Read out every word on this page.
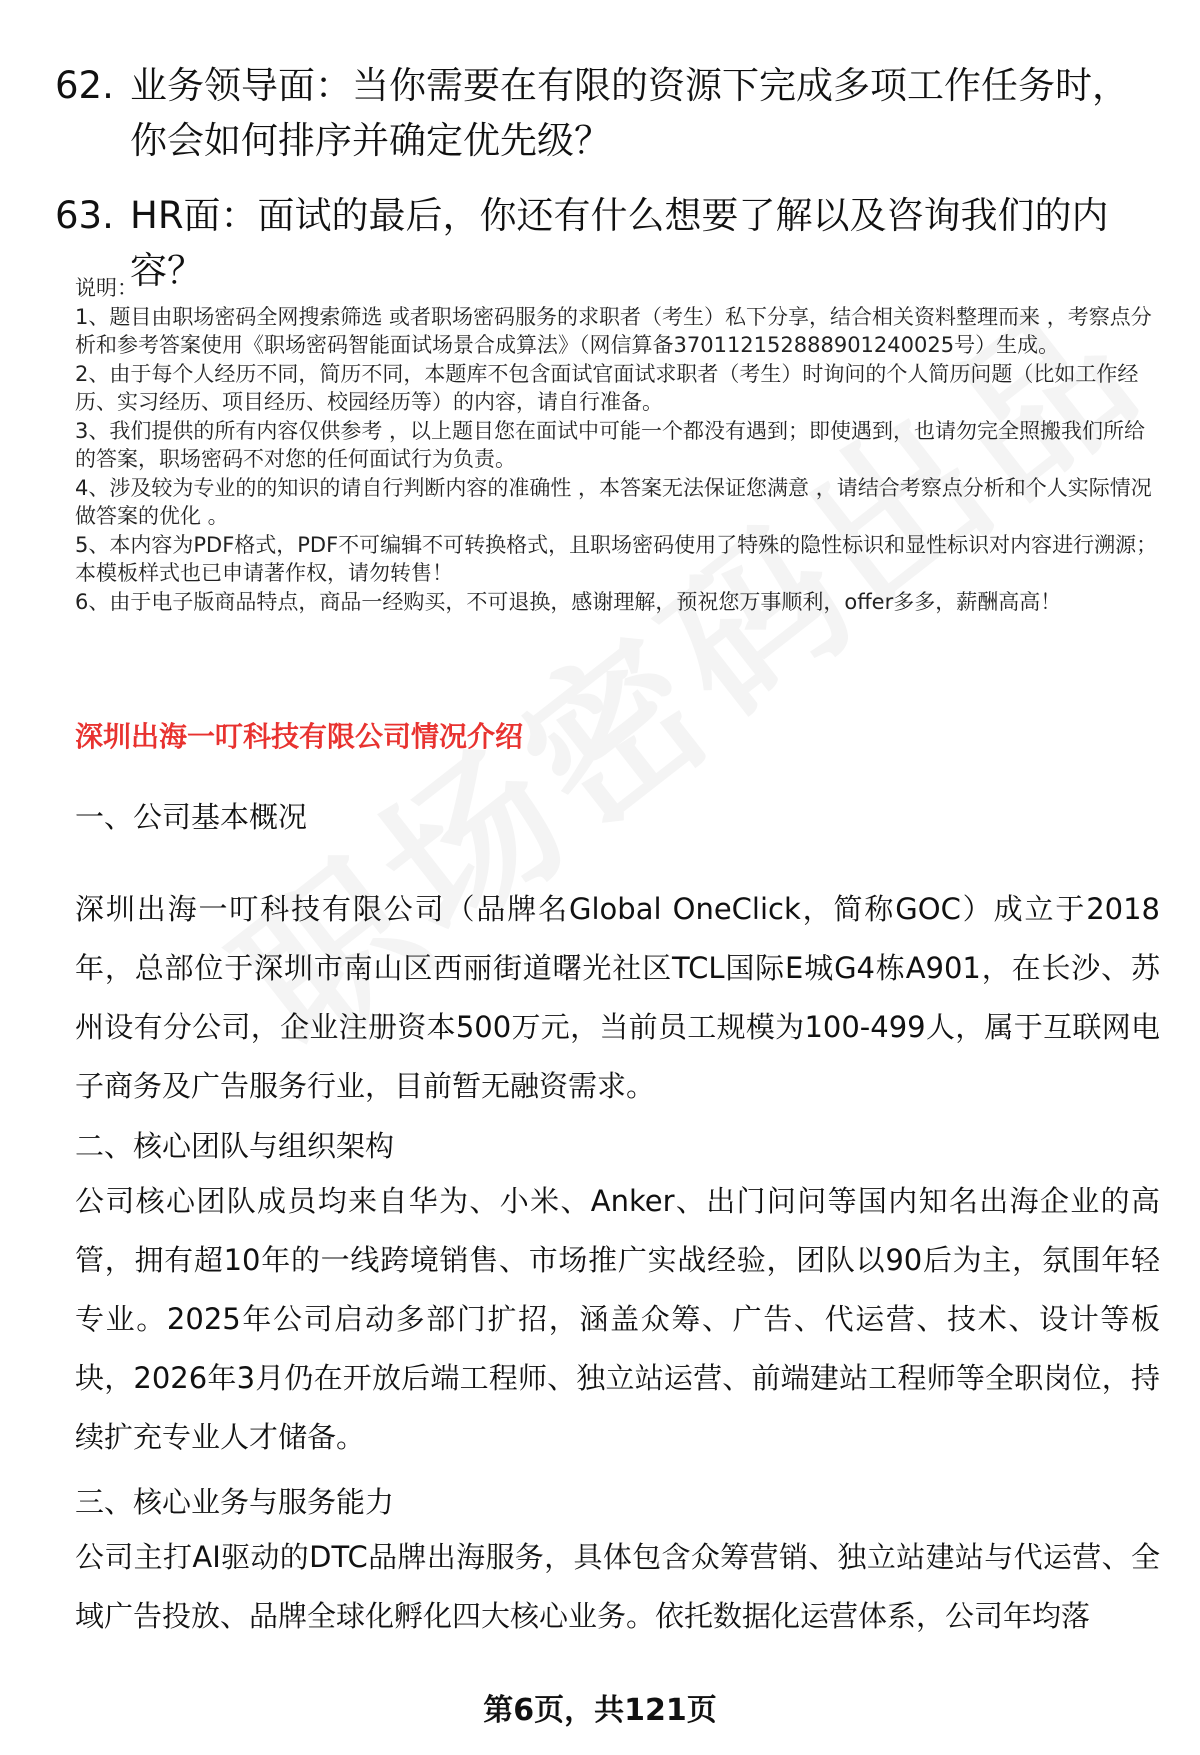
62. 业务领导面：当你需要在有限的资源下完成多项工作任务时，你会如何排序并确定优先级？
63. HR面：面试的最后，你还有什么想要了解以及咨询我们的内容？

说明：

1、题目由职场密码全网搜索筛选 或者职场密码服务的求职者（考生）私下分享，结合相关资料整理而来 ，考察点分析和参考答案使用《职场密码智能面试场景合成算法》（网信算备370112152888901240025号）生成。

2、由于每个人经历不同，简历不同，本题库不包含面试官面试求职者（考生）时询问的个人简历问题（比如工作经历、实习经历、项目经历、校园经历等）的内容，请自行准备。

3、我们提供的所有内容仅供参考 ，以上题目您在面试中可能一个都没有遇到；即使遇到，也请勿完全照搬我们所给的答案，职场密码不对您的任何面试行为负责。

4、涉及较为专业的的知识的请自行判断内容的准确性 ，本答案无法保证您满意 ，请结合考察点分析和个人实际情况做答案的优化 。

5、本内容为PDF格式，PDF不可编辑不可转换格式，且职场密码使用了特殊的隐性标识和显性标识对内容进行溯源；本模板样式也已申请著作权，请勿转售！

6、由于电子版商品特点，商品一经购买，不可退换，感谢理解，预祝您万事顺利，offer多多，薪酬高高！

深圳出海一叮科技有限公司情况介绍
一、公司基本概况
深圳出海一叮科技有限公司（品牌名Global OneClick，简称GOC）成立于2018年，总部位于深圳市南山区西丽街道曙光社区TCL国际E城G4栋A901，在长沙、苏州设有分公司，企业注册资本500万元，当前员工规模为100-499人，属于互联网电子商务及广告服务行业，目前暂无融资需求。
二、核心团队与组织架构
公司核心团队成员均来自华为、小米、Anker、出门问问等国内知名出海企业的高管，拥有超10年的一线跨境销售、市场推广实战经验，团队以90后为主，氛围年轻专业。2025年公司启动多部门扩招，涵盖众筹、广告、代运营、技术、设计等板块，2026年3月仍在开放后端工程师、独立站运营、前端建站工程师等全职岗位，持续扩充专业人才储备。
三、核心业务与服务能力
公司主打AI驱动的DTC品牌出海服务，具体包含众筹营销、独立站建站与代运营、全域广告投放、品牌全球化孵化四大核心业务。依托数据化运营体系，公司年均落
第6页，共121页
